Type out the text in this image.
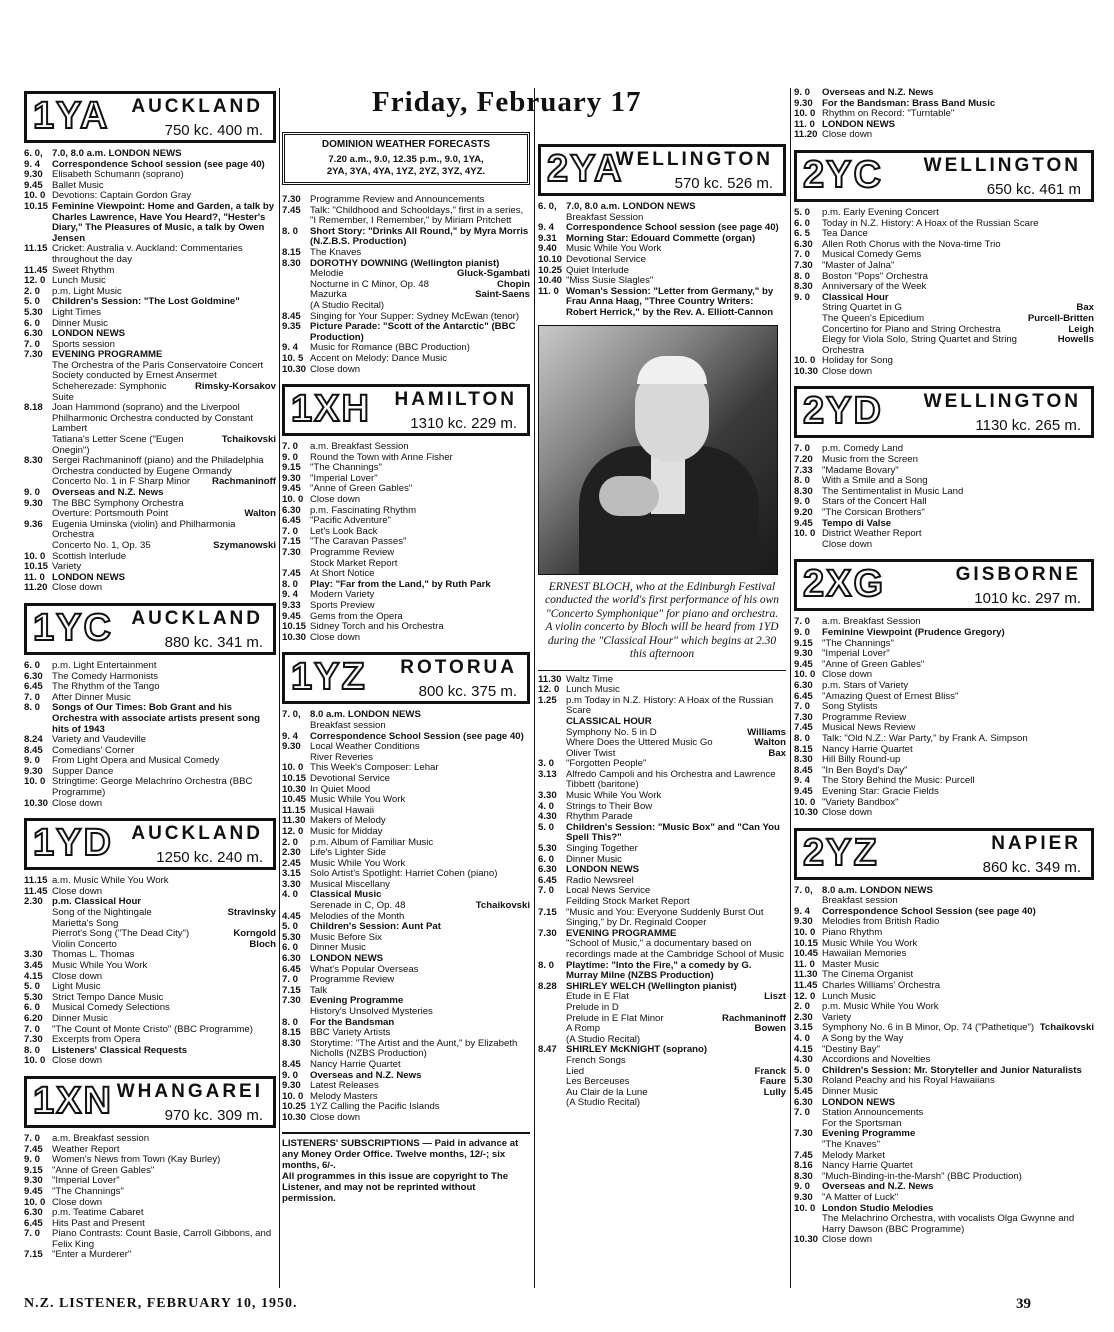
Friday, February 17
1YA AUCKLAND
750 kc. 400 m.
6. 0, 7.0, 8.0 a.m. LONDON NEWS
9. 4	Correspondence School session (see page 40)
9.30 Elisabeth Schumann (soprano)
9.45 Ballet Music
10. 0 Devotions: Captain Gordon Gray
10.15 Feminine Viewpoint: Home and Garden, a talk by Charles Lawrence, Have You Heard?, "Hester's Diary," The Pleasures of Music, a talk by Owen Jensen
11.15 Cricket: Australia v. Auckland: Commentaries throughout the day
11.45 Sweet Rhythm
12. 0 Lunch Music
2. 0	p.m. Light Music
5. 0	Children's Session: "The Lost Goldmine"
5.30 Light Times
6. 0	Dinner Music
6.30 LONDON NEWS
7. 0	Sports session
7.30 EVENING PROGRAMME
The Orchestra of the Paris Conservatoire Concert Society conducted by Ernest Ansermet
Scheherezade: Symphonic Suite
Rimsky-Korsakov
8.18 Joan Hammond (soprano) and the Liverpool Philharmonic Orchestra conducted by Constant Lambert
Tatiana's Letter Scene ("Eugen Onegin")
Tchaikovski
8.30 Sergei Rachmaninoff (piano) and the Philadelphia Orchestra conducted by Eugene Ormandy
Concerto No. 1 in F Sharp Minor	Rachmaninoff
9. 0	Overseas and N.Z. News
9.30 The BBC Symphony Orchestra
Overture: Portsmouth Point	Walton
9.36 Eugenia Uminska (violin) and Philharmonia Orchestra
Concerto No. 1, Op. 35	Szymanowski
10. 0 Scottish Interlude
10.15 Variety
11. 0 LONDON NEWS
11.20 Close down
1YC AUCKLAND
880 kc. 341 m.
6. 0	p.m. Light Entertainment
6.30 The Comedy Harmonists
6.45 The Rhythm of the Tango
7. 0	After Dinner Music
8. 0	Songs of Our Times: Bob Grant and his Orchestra with associate artists present song hits of 1943
8.24 Variety and Vaudeville
8.45 Comedians' Corner
9. 0	From Light Opera and Musical Comedy
9.30 Supper Dance
10. 0 Stringtime: George Melachrino Orchestra (BBC Programme)
10.30 Close down
1YD AUCKLAND
1250 kc. 240 m.
11.15 a.m. Music While You Work
11.45 Close down
2.30 p.m. Classical Hour
Song of the Nightingale	Stravinsky
Marietta's Song
Pierrot's Song ("The Dead City")	Korngold
Violin Concerto	Bloch
3.30 Thomas L. Thomas
3.45 Music While You Work
4.15 Close down
5. 0	Light Music
5.30 Strict Tempo Dance Music
6. 0	Musical Comedy Selections
6.20 Dinner Music
7. 0	"The Count of Monte Cristo" (BBC Programme)
7.30 Excerpts from Opera
8. 0	Listeners' Classical Requests
10. 0 Close down
1XN WHANGAREI
970 kc. 309 m.
7. 0	a.m. Breakfast session
7.45 Weather Report
9. 0	Women's News from Town (Kay Burley)
9.15 "Anne of Green Gables"
9.30 "Imperial Lover"
9.45 "The Channings"
10. 0 Close down
6.30 p.m. Teatime Cabaret
6.45 Hits Past and Present
7. 0	Piano Contrasts: Count Basie, Carroll Gibbons, and Felix King
7.15 "Enter a Murderer"
DOMINION WEATHER FORECASTS
7.20 a.m., 9.0, 12.35 p.m., 9.0, 1YA,
2YA, 3YA, 4YA, 1YZ, 2YZ, 3YZ, 4YZ.
7.30 Programme Review and Announcements
7.45 Talk: "Childhood and Schooldays," first in a series, "I Remember, I Remember," by Miriam Pritchett
8. 0	Short Story: "Drinks All Round," by Myra Morris (N.Z.B.S. Production)
8.15 The Knaves
8.30 DOROTHY DOWNING (Wellington pianist)
Melodie	Gluck-Sgambati
Nocturne in C Minor, Op. 48	Chopin
Mazurka	Saint-Saens
(A Studio Recital)
8.45 Singing for Your Supper: Sydney McEwan (tenor)
9.35 Picture Parade: "Scott of the Antarctic" (BBC Production)
9. 4	Music for Romance (BBC Production)
10. 5 Accent on Melody: Dance Music
10.30 Close down
1XH HAMILTON
1310 kc. 229 m.
7. 0	a.m. Breakfast Session
9. 0	Round the Town with Anne Fisher
9.15 "The Channings"
9.30 "Imperial Lover"
9.45 "Anne of Green Gables"
10. 0 Close down
6.30 p.m. Fascinating Rhythm
6.45 "Pacific Adventure"
7. 0	Let's Look Back
7.15 "The Caravan Passes"
7.30 Programme Review
Stock Market Report
7.45 At Short Notice
8. 0	Play: "Far from the Land," by Ruth Park
9. 4	Modern Variety
9.33 Sports Preview
9.45 Gems from the Opera
10.15 Sidney Torch and his Orchestra
10.30 Close down
1YZ ROTORUA
800 kc. 375 m.
7. 0, 8.0 a.m. LONDON NEWS
Breakfast session
9. 4	Correspondence School Session (see page 40)
9.30 Local Weather Conditions
River Reveries
10. 0 This Week's Composer: Lehar
10.15 Devotional Service
10.30 In Quiet Mood
10.45 Music While You Work
11.15 Musical Hawaii
11.30 Makers of Melody
12. 0 Music for Midday
2. 0	p.m. Album of Familiar Music
2.30 Life's Lighter Side
2.45 Music While You Work
3.15 Solo Artist's Spotlight: Harriet Cohen (piano)
3.30 Musical Miscellany
4. 0	Classical Music
Serenade in C, Op. 48	Tchaikovski
4.45 Melodies of the Month
5. 0	Children's Session: Aunt Pat
5.30 Music Before Six
6. 0	Dinner Music
6.30 LONDON NEWS
6.45 What's Popular Overseas
7. 0	Programme Review
7.15 Talk
7.30 Evening Programme
History's Unsolved Mysteries
8. 0	For the Bandsman
8.15 BBC Variety Artists
8.30 Storytime: "The Artist and the Aunt," by Elizabeth Nicholls (NZBS Production)
8.45 Nancy Harrie Quartet
9. 0	Overseas and N.Z. News
9.30 Latest Releases
10. 0 Melody Masters
10.25 1YZ Calling the Pacific Islands
10.30 Close down
LISTENERS' SUBSCRIPTIONS — Paid in advance at any Money Order Office. Twelve months, 12/-; six months, 6/-.
All programmes in this issue are copyright to The Listener, and may not be reprinted without permission.
2YA
WELLINGTON
570 kc. 526 m.
6. 0, 7.0, 8.0 a.m. LONDON NEWS
Breakfast Session
9. 4	Correspondence School session (see page 40)
9.31 Morning Star: Edouard Commette (organ)
9.40 Music While You Work
10.10 Devotional Service
10.25 Quiet Interlude
10.40 "Miss Susie Slagles"
11. 0 Woman's Session: "Letter from Germany," by Frau Anna Haag, "Three Country Writers: Robert Herrick," by the Rev. A. Elliott-Cannon
ERNEST BLOCH, who at the Edinburgh Festival conducted the world's first performance of his own "Concerto Symphonique" for piano and orchestra. A violin concerto by Bloch will be heard from 1YD during the "Classical Hour" which begins at 2.30 this afternoon
11.30 Waltz Time
12. 0 Lunch Music
1.25 p.m Today in N.Z. History: A Hoax of the Russian Scare
CLASSICAL HOUR
Symphony No. 5 in D	Williams
Where Does the Uttered Music Go	Walton
Oliver Twist	Bax
3. 0	"Forgotten People"
3.13 Alfredo Campoli and his Orchestra and Lawrence Tibbett (baritone)
3.30 Music While You Work
4. 0	Strings to Their Bow
4.30 Rhythm Parade
5. 0	Children's Session: "Music Box" and "Can You Spell This?"
5.30 Singing Together
6. 0	Dinner Music
6.30 LONDON NEWS
6.45 Radio Newsreel
7. 0	Local News Service
Feilding Stock Market Report
7.15 "Music and You: Everyone Suddenly Burst Out Singing," by Dr. Reginald Cooper
7.30 EVENING PROGRAMME
"School of Music," a documentary based on recordings made at the Cambridge School of Music
8. 0	Playtime: "Into the Fire," a comedy by G. Murray Milne (NZBS Production)
8.28 SHIRLEY WELCH (Wellington pianist)
Etude in E Flat	Liszt
Prelude in D
Prelude in E Flat Minor	Rachmaninoff
A Romp	Bowen
(A Studio Recital)
8.47 SHIRLEY McKNIGHT (soprano)
French Songs
Lied	Franck
Les Berceuses	Faure
Au Clair de la Lune	Lully
(A Studio Recital)
9. 0	Overseas and N.Z. News
9.30 For the Bandsman: Brass Band Music
10. 0 Rhythm on Record: "Turntable"
11. 0 LONDON NEWS
11.20 Close down
2YC WELLINGTON
650 kc. 461 m
5. 0	p.m. Early Evening Concert
6. 0	Today in N.Z. History: A Hoax of the Russian Scare
6. 5	Tea Dance
6.30 Allen Roth Chorus with the Nova-time Trio
7. 0	Musical Comedy Gems
7.30 "Master of Jalna"
8. 0	Boston "Pops" Orchestra
8.30 Anniversary of the Week
9. 0	Classical Hour
String Quartet in G	Bax
The Queen's Epicedium	Purcell-Britten
Concertino for Piano and String Orchestra	Leigh
Elegy for Viola Solo, String Quartet and String Orchestra
Howells
10. 0 Holiday for Song
10.30 Close down
2YD WELLINGTON
1130 kc. 265 m.
7. 0	p.m. Comedy Land
7.20 Music from the Screen
7.33 "Madame Bovary"
8. 0	With a Smile and a Song
8.30 The Sentimentalist in Music Land
9. 0	Stars of the Concert Hall
9.20 "The Corsican Brothers"
9.45 Tempo di Valse
10. 0 District Weather Report
Close down
2XG	GISBORNE
1010 kc. 297 m.
7. 0	a.m. Breakfast Session
9. 0	Feminine Viewpoint (Prudence Gregory)
9.15 "The Channings"
9.30 "Imperial Lover"
9.45 "Anne of Green Gables"
10. 0 Close down
6.30 p.m. Stars of Variety
6.45 "Amazing Quest of Ernest Bliss"
7. 0	Song Stylists
7.30 Programme Review
7.45 Musical News Review
8. 0	Talk: "Old N.Z.: War Party," by Frank A. Simpson
8.15 Nancy Harrie Quartet
8.30 Hill Billy Round-up
8.45 "In Ben Boyd's Day"
9. 4	The Story Behind the Music: Purcell
9.45 Evening Star: Gracie Fields
10. 0 "Variety Bandbox"
10.30 Close down
2YZ	NAPIER
860 kc. 349 m.
7. 0, 8.0 a.m. LONDON NEWS
Breakfast session
9. 4	Correspondence School Session (see page 40)
9.30 Melodies from British Radio
10. 0 Piano Rhythm
10.15 Music While You Work
10.45 Hawaiian Memories
11. 0 Master Music
11.30 The Cinema Organist
11.45 Charles Williams' Orchestra
12. 0 Lunch Music
2. 0	p.m. Music While You Work
2.30 Variety
3.15 Symphony No. 6 in B Minor, Op. 74 ("Pathetique") Tchaikovski
4. 0	A Song by the Way
4.15 "Destiny Bay"
4.30 Accordions and Novelties
5. 0	Children's Session: Mr. Storyteller and Junior Naturalists
5.30 Roland Peachy and his Royal Hawaiians
5.45 Dinner Music
6.30 LONDON NEWS
7. 0	Station Announcements
For the Sportsman
7.30 Evening Programme
"The Knaves"
7.45 Melody Market
8.16 Nancy Harrie Quartet
8.30 "Much-Binding-in-the-Marsh" (BBC Production)
9. 0	Overseas and N.Z. News
9.30 "A Matter of Luck"
10. 0 London Studio Melodies
The Melachrino Orchestra, with vocalists Olga Gwynne and Harry Dawson (BBC Programme)
10.30 Close down
N.Z. LISTENER, FEBRUARY 10, 1950.	39
